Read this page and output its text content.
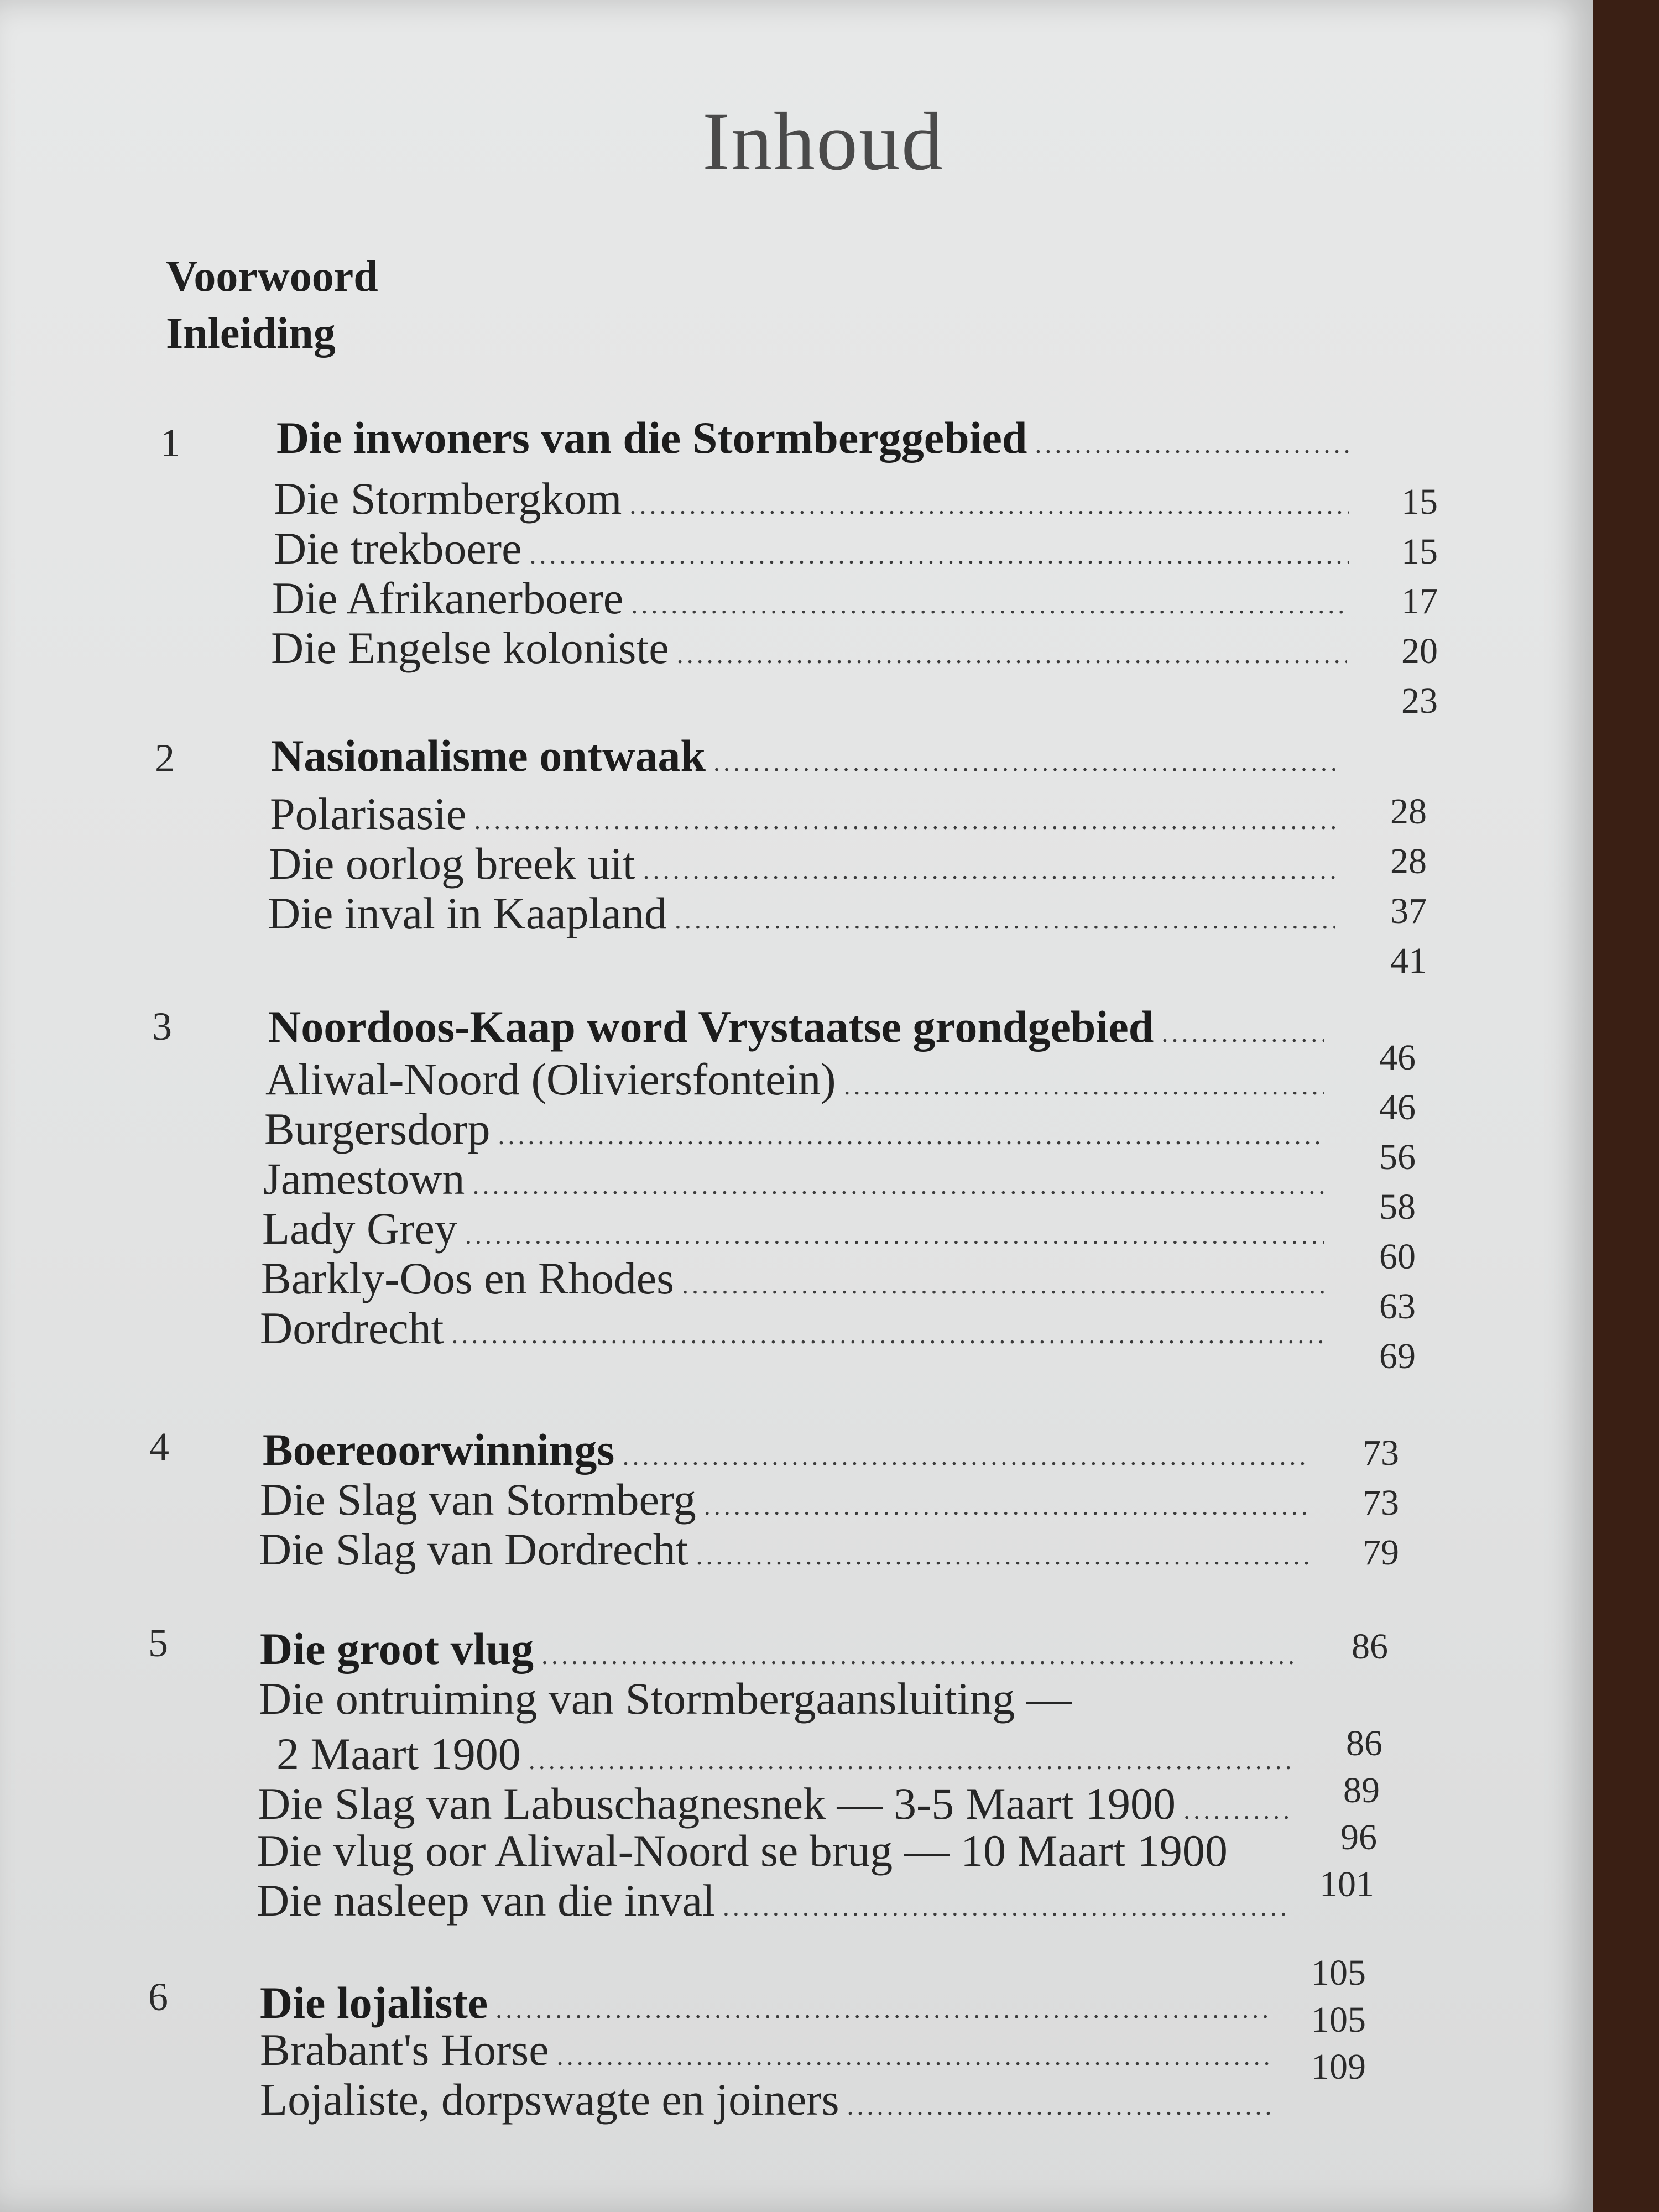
Inhoud
Voorwoord
Inleiding
1 Die inwoners van die Stormberggebied
.....
Die Stormbergkom
.....
Die trekboere
.....
Die Afrikanerboere
.....
Die Engelse koloniste
.....
15
15
17
20
23
2 Nasionalisme ontwaak
.....
Polarisasie
.....
Die oorlog breek uit
.....
Die inval in Kaapland
.....
28
28
37
41
3 Noordoos-Kaap word Vrystaatse grondgebied
.....
Aliwal-Noord (Oliviersfontein)
.....
Burgersdorp
.....
Jamestown
.....
Lady Grey
.....
Barkly-Oos en Rhodes
.....
Dordrecht
.....
46
46
56
58
60
63
69
4 Boereoorwinnings
.....
Die Slag van Stormberg
.....
Die Slag van Dordrecht
.....
73
73
79
5 Die groot vlug
.....
Die ontruiming van Stormbergaansluiting —
2 Maart 1900
.....
Die Slag van Labuschagnesnek — 3-5 Maart 1900
.....
Die vlug oor Aliwal-Noord se brug — 10 Maart 1900
Die nasleep van die inval
.....
86
86
89
96
101
6 Die lojaliste
.....
Brabant's Horse
.....
Lojaliste, dorpswagte en joiners
.....
105
105
109
